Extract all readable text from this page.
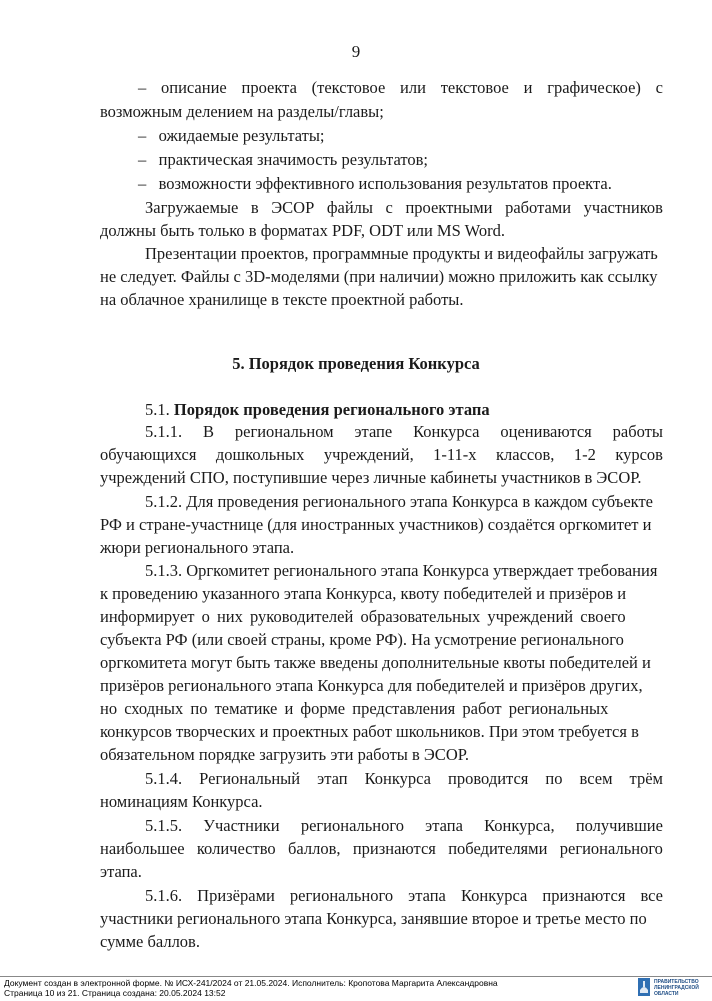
9
– описание проекта (текстовое или текстовое и графическое) с
возможным делением на разделы/главы;
– ожидаемые результаты;
– практическая значимость результатов;
– возможности эффективного использования результатов проекта.
Загружаемые в ЭСОР файлы с проектными работами участников
должны быть только в форматах PDF, ODT или MS Word.
Презентации проектов, программные продукты и видеофайлы загружать
не следует. Файлы с 3D-моделями (при наличии) можно приложить как ссылку
на облачное хранилище в тексте проектной работы.
5. Порядок проведения Конкурса
5.1. Порядок проведения регионального этапа
5.1.1. В региональном этапе Конкурса оцениваются работы
обучающихся дошкольных учреждений, 1-11-х классов, 1-2 курсов
учреждений СПО, поступившие через личные кабинеты участников в ЭСОР.
5.1.2. Для проведения регионального этапа Конкурса в каждом субъекте
РФ и стране-участнице (для иностранных участников) создаётся оргкомитет и
жюри регионального этапа.
5.1.3. Оргкомитет регионального этапа Конкурса утверждает требования
к проведению указанного этапа Конкурса, квоту победителей и призёров и
информирует о них руководителей образовательных учреждений своего
субъекта РФ (или своей страны, кроме РФ). На усмотрение регионального
оргкомитета могут быть также введены дополнительные квоты победителей и
призёров регионального этапа Конкурса для победителей и призёров других,
но сходных по тематике и форме представления работ региональных
конкурсов творческих и проектных работ школьников. При этом требуется в
обязательном порядке загрузить эти работы в ЭСОР.
5.1.4. Региональный этап Конкурса проводится по всем трём
номинациям Конкурса.
5.1.5. Участники регионального этапа Конкурса, получившие
наибольшее количество баллов, признаются победителями регионального
этапа.
5.1.6. Призёрами регионального этапа Конкурса признаются все
участники регионального этапа Конкурса, занявшие второе и третье место по
сумме баллов.
Документ создан в электронной форме. № ИСХ-241/2024 от 21.05.2024. Исполнитель: Кропотова Маргарита Александровна
Страница 10 из 21. Страница создана: 20.05.2024 13:52
ПРАВИТЕЛЬСТВО
ЛЕНИНГРАДСКОЙ
ОБЛАСТИ
